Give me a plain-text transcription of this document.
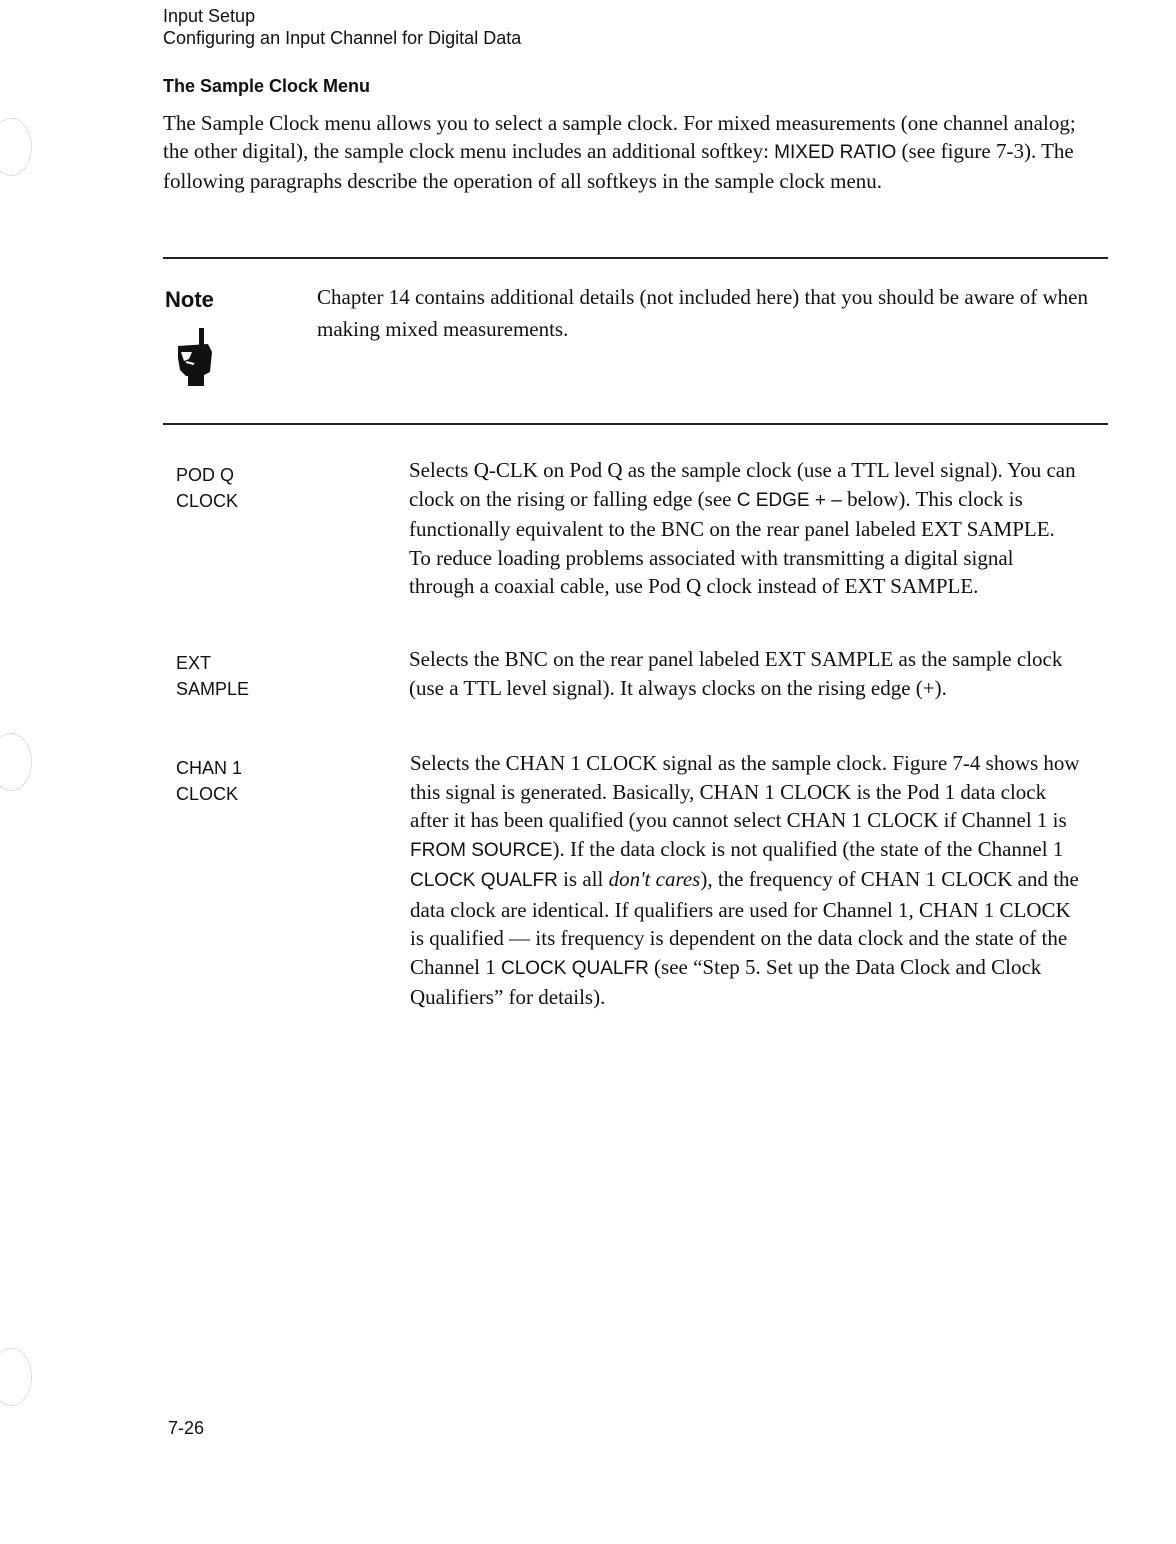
Input Setup
Configuring an Input Channel for Digital Data
The Sample Clock Menu
The Sample Clock menu allows you to select a sample clock. For mixed measurements (one channel analog; the other digital), the sample clock menu includes an additional softkey: MIXED RATIO (see figure 7-3). The following paragraphs describe the operation of all softkeys in the sample clock menu.
Note	Chapter 14 contains additional details (not included here) that you should be aware of when making mixed measurements.
POD Q
CLOCK
Selects Q-CLK on Pod Q as the sample clock (use a TTL level signal). You can clock on the rising or falling edge (see C EDGE + – below). This clock is functionally equivalent to the BNC on the rear panel labeled EXT SAMPLE. To reduce loading problems associated with transmitting a digital signal through a coaxial cable, use Pod Q clock instead of EXT SAMPLE.
EXT
SAMPLE
Selects the BNC on the rear panel labeled EXT SAMPLE as the sample clock (use a TTL level signal). It always clocks on the rising edge (+).
CHAN 1
CLOCK
Selects the CHAN 1 CLOCK signal as the sample clock. Figure 7-4 shows how this signal is generated. Basically, CHAN 1 CLOCK is the Pod 1 data clock after it has been qualified (you cannot select CHAN 1 CLOCK if Channel 1 is FROM SOURCE). If the data clock is not qualified (the state of the Channel 1 CLOCK QUALFR is all don't cares), the frequency of CHAN 1 CLOCK and the data clock are identical. If qualifiers are used for Channel 1, CHAN 1 CLOCK is qualified — its frequency is dependent on the data clock and the state of the Channel 1 CLOCK QUALFR (see “Step 5. Set up the Data Clock and Clock Qualifiers” for details).
7-26
